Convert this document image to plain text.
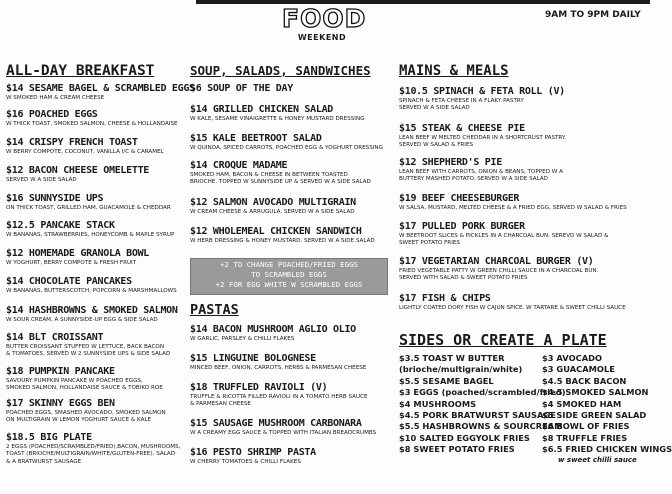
FOOD
WEEKEND
9AM TO 9PM DAILY
ALL-DAY BREAKFAST
$14 SESAME BAGEL & SCRAMBLED EGGS
W SMOKED HAM & CREAM CHEESE
$16 POACHED EGGS
W THICK TOAST, SMOKED SALMON, CHEESE & HOLLANDAISE
$14 CRISPY FRENCH TOAST
W BERRY COMPOTE, COCONUT, VANILLA I/C & CARAMEL
$12 BACON CHEESE OMELETTE
SERVED W A SIDE SALAD
$16 SUNNYSIDE UPS
ON THICK TOAST, GRILLED HAM, GUACAMOLE & CHEDDAR
$12.5 PANCAKE STACK
W BANANAS, STRAWBERRIES, HONEYCOMB & MAPLE SYRUP
$12 HOMEMADE GRANOLA BOWL
W YOGHURT, BERRY COMPOTE & FRESH FRUIT
$14 CHOCOLATE PANCAKES
W BANANAS, BUTTERSCOTCH, POPCORN & MARSHMALLOWS
$14 HASHBROWNS & SMOKED SALMON
W SOUR CREAM, A SUNNYSIDE-UP EGG & SIDE SALAD
$14 BLT CROISSANT
BUTTER CROISSANT STUFFED W LETTUCE, BACK BACON
& TOMATOES, SERVED W 2 SUNNYSIDE UPS & SIDE SALAD
$18 PUMPKIN PANCAKE
SAVOURY PUMPKIN PANCAKE W POACHED EGGS,
SMOKED SALMON, HOLLANDAISE SAUCE & TOBIKO ROE
$17 SKINNY EGGS BEN
POACHED EGGS, SMASHED AVOCADO, SMOKED SALMON
ON MULTIGRAIN W LEMON YOGHURT SAUCE & KALE
$18.5 BIG PLATE
2 EGGS (POACHED/SCRAMBLED/FRIED),BACON, MUSHROOMS,
TOAST (BRIOCHE/MULTIGRAIN/WHITE/GLUTEN-FREE), SALAD
& A BRATWURST SAUSAGE
SOUP, SALADS, SANDWICHES
$6 SOUP OF THE DAY
$14 GRILLED CHICKEN SALAD
W KALE, SESAME VINAIGRETTE & HONEY MUSTARD DRESSING
$15 KALE BEETROOT SALAD
W QUINOA, SPICED CARROTS, POACHED EGG & YOGHURT DRESSING
$14 CROQUE MADAME
SMOKED HAM, BACON & CHEESE IN BETWEEN TOASTED
BRIOCHE. TOPPED W SUNNYSIDE UP & SERVED W A SIDE SALAD
$12 SALMON AVOCADO MULTIGRAIN
W CREAM CHEESE & ARRUGULA. SERVED W A SIDE SALAD
$12 WHOLEMEAL CHICKEN SANDWICH
W HERB DRESSING & HONEY MUSTARD. SERVED W A SIDE SALAD
+2 TO CHANGE POACHED/FRIED EGGS
TO SCRAMBLED EGGS
+2 FOR EGG WHITE W SCRAMBLED EGGS
PASTAS
$14 BACON MUSHROOM AGLIO OLIO
W GARLIC, PARSLEY & CHILLI FLAKES
$15 LINGUINE BOLOGNESE
MINCED BEEF, ONION, CARROTS, HERBS & PARMESAN CHEESE
$18 TRUFFLED RAVIOLI (V)
TRUFFLE & RICOTTA FILLED RAVIOLI IN A TOMATO HERB SAUCE
& PARMESAN CHEESE
$15 SAUSAGE MUSHROOM CARBONARA
W A CREAMY EGG SAUCE & TOPPED WITH ITALIAN BREADCRUMBS
$16 PESTO SHRIMP PASTA
W CHERRY TOMATOES & CHILLI FLAKES
MAINS & MEALS
$10.5 SPINACH & FETA ROLL (V)
SPINACH & FETA CHEESE IN A FLAKY PASTRY
SERVED W A SIDE SALAD
$15 STEAK & CHEESE PIE
LEAN BEEF W MELTED CHEDDAR IN A SHORTCRUST PASTRY.
SERVED W SALAD & FRIES
$12 SHEPHERD'S PIE
LEAN BEEF WITH CARROTS, ONION & BEANS, TOPPED W A
BUTTERY MASHED POTATO. SERVED W A SIDE SALAD
$19 BEEF CHEESEBURGER
W SALSA, MUSTARD, MELTED CHEESE & A FRIED EGG, SERVED W SALAD & FRIES
$17 PULLED PORK BURGER
W BEETROOT SLICES & PICKLES IN A CHARCOAL BUN. SEREVD W SALAD &
SWEET POTATO FRIES
$17 VEGETARIAN CHARCOAL BURGER (V)
FRIED VEGETABLE PATTY W GREEN CHILLI SAUCE IN A CHARCOAL BUN.
SERVED WITH SALAD & SWEET POTATO FRIES
$17 FISH & CHIPS
LIGHTLY COATED DORY FISH W CAJUN SPICE. W TARTARE & SWEET CHILLI SAUCE
SIDES OR CREATE A PLATE
$3.5 TOAST W BUTTER
(brioche/multigrain/white)
$5.5 SESAME BAGEL
$3 EGGS (poached/scrambled/fried)
$4 MUSHROOMS
$4.5 PORK BRATWURST SAUSAGE
$5.5 HASHBROWNS & SOURCREAM
$10 SALTED EGGYOLK FRIES
$8 SWEET POTATO FRIES
$3 AVOCADO
$3 GUACAMOLE
$4.5 BACK BACON
$4.5 SMOKED SALMON
$4 SMOKED HAM
$5 SIDE GREEN SALAD
$6 BOWL OF FRIES
$8 TRUFFLE FRIES
$6.5 FRIED CHICKEN WINGS
w sweet chilli sauce
